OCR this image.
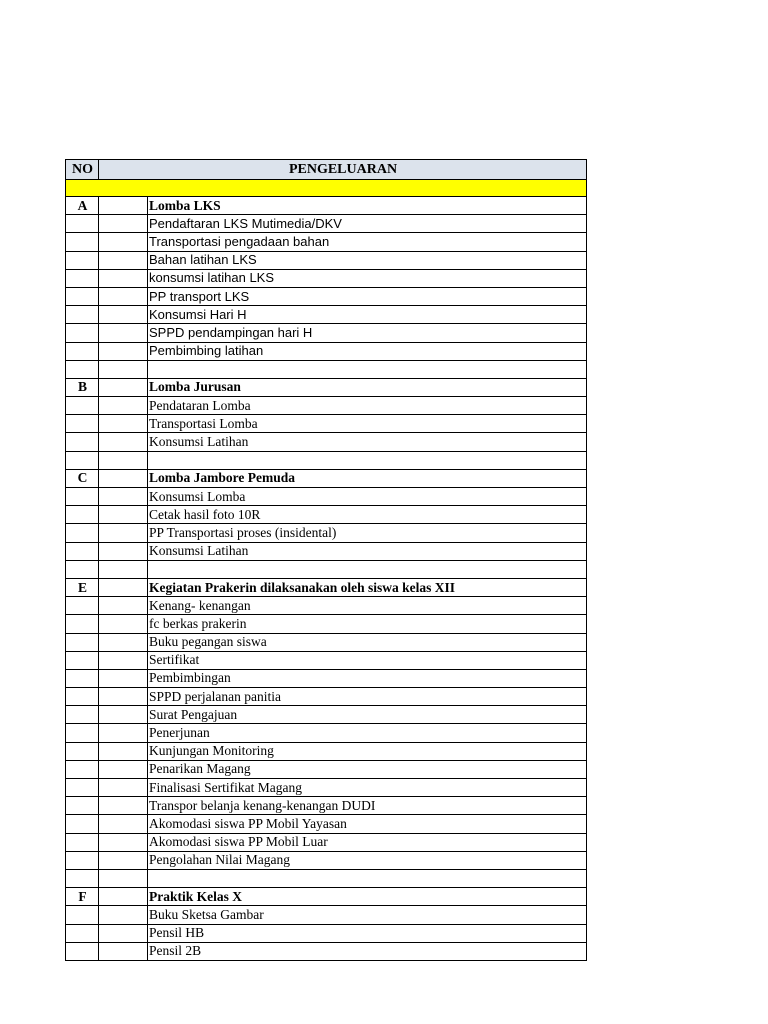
NO	PENGELUARAN	

A		Lomba LKS
		Pendaftaran LKS Mutimedia/DKV
		Transportasi pengadaan bahan
		Bahan latihan LKS
		konsumsi latihan LKS
		PP transport LKS
		Konsumsi Hari H
		SPPD pendampingan hari H
		Pembimbing latihan

B		Lomba Jurusan
		Pendataran Lomba
		Transportasi Lomba
		Konsumsi Latihan

C		Lomba Jambore Pemuda
		Konsumsi Lomba
		Cetak hasil foto 10R
		PP Transportasi proses (insidental)
		Konsumsi Latihan

E		Kegiatan Prakerin dilaksanakan oleh siswa kelas XII
		Kenang- kenangan
		fc berkas prakerin
		Buku pegangan siswa
		Sertifikat
		Pembimbingan
		SPPD perjalanan panitia
		Surat Pengajuan
		Penerjunan
		Kunjungan Monitoring
		Penarikan Magang
		Finalisasi Sertifikat Magang
		Transpor belanja kenang-kenangan DUDI
		Akomodasi siswa PP Mobil Yayasan
		Akomodasi siswa PP Mobil Luar
		Pengolahan Nilai Magang

F		Praktik Kelas X
		Buku Sketsa Gambar
		Pensil HB
		Pensil 2B
